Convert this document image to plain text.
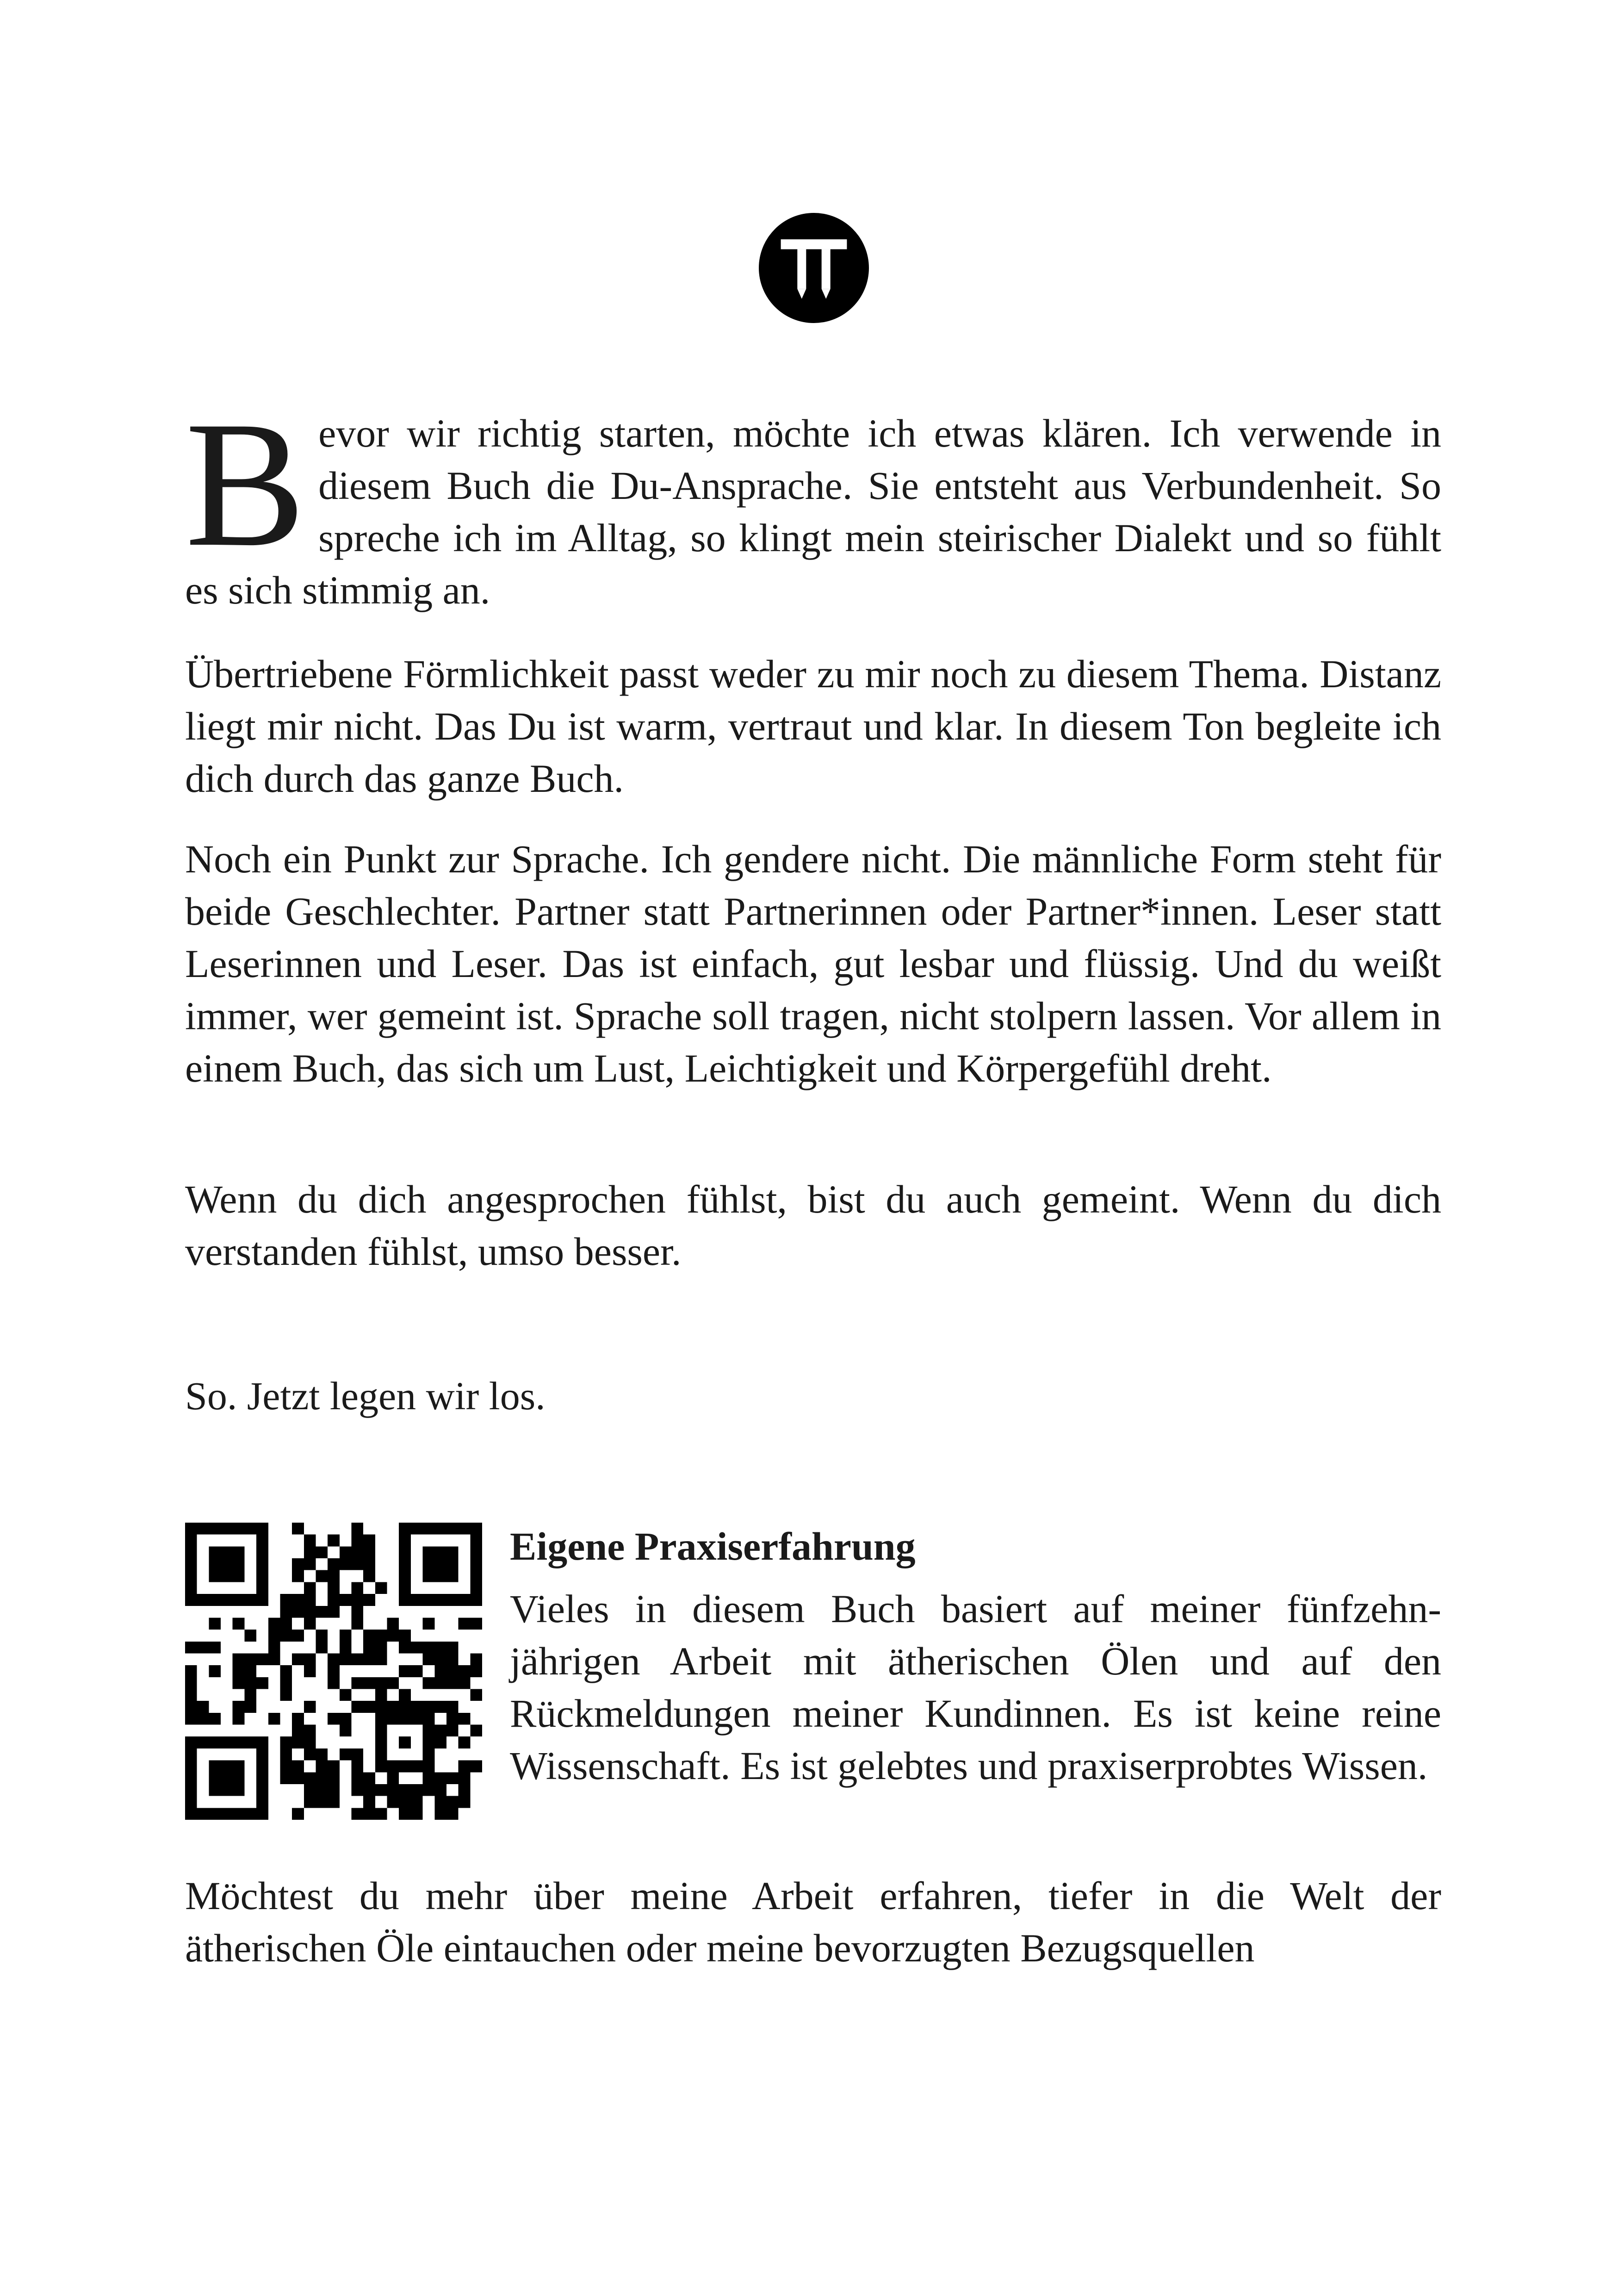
Bevor wir richtig starten, möchte ich etwas klären. Ich verwende in diesem Buch die Du-Ansprache. Sie entsteht aus Verbundenheit. So spreche ich im Alltag, so klingt mein steirischer Dialekt und so fühlt es sich stimmig an.

Übertriebene Förmlichkeit passt weder zu mir noch zu diesem Thema. Distanz liegt mir nicht. Das Du ist warm, vertraut und klar. In diesem Ton begleite ich dich durch das ganze Buch.

Noch ein Punkt zur Sprache. Ich gendere nicht. Die männliche Form steht für beide Geschlechter. Partner statt Partnerinnen oder Partner*innen. Leser statt Leserinnen und Leser. Das ist einfach, gut lesbar und flüssig. Und du weißt immer, wer gemeint ist. Sprache soll tragen, nicht stolpern lassen. Vor allem in einem Buch, das sich um Lust, Leichtigkeit und Körpergefühl dreht.

Wenn du dich angesprochen fühlst, bist du auch gemeint. Wenn du dich verstanden fühlst, umso besser.

So. Jetzt legen wir los.

Eigene Praxiserfahrung

Vieles in diesem Buch basiert auf meiner fünfzehnjährigen Arbeit mit ätherischen Ölen und auf den Rückmeldungen meiner Kundinnen. Es ist keine reine Wissenschaft. Es ist gelebtes und praxiserprobtes Wissen.

Möchtest du mehr über meine Arbeit erfahren, tiefer in die Welt der ätherischen Öle eintauchen oder meine bevorzugten Bezugsquellen
